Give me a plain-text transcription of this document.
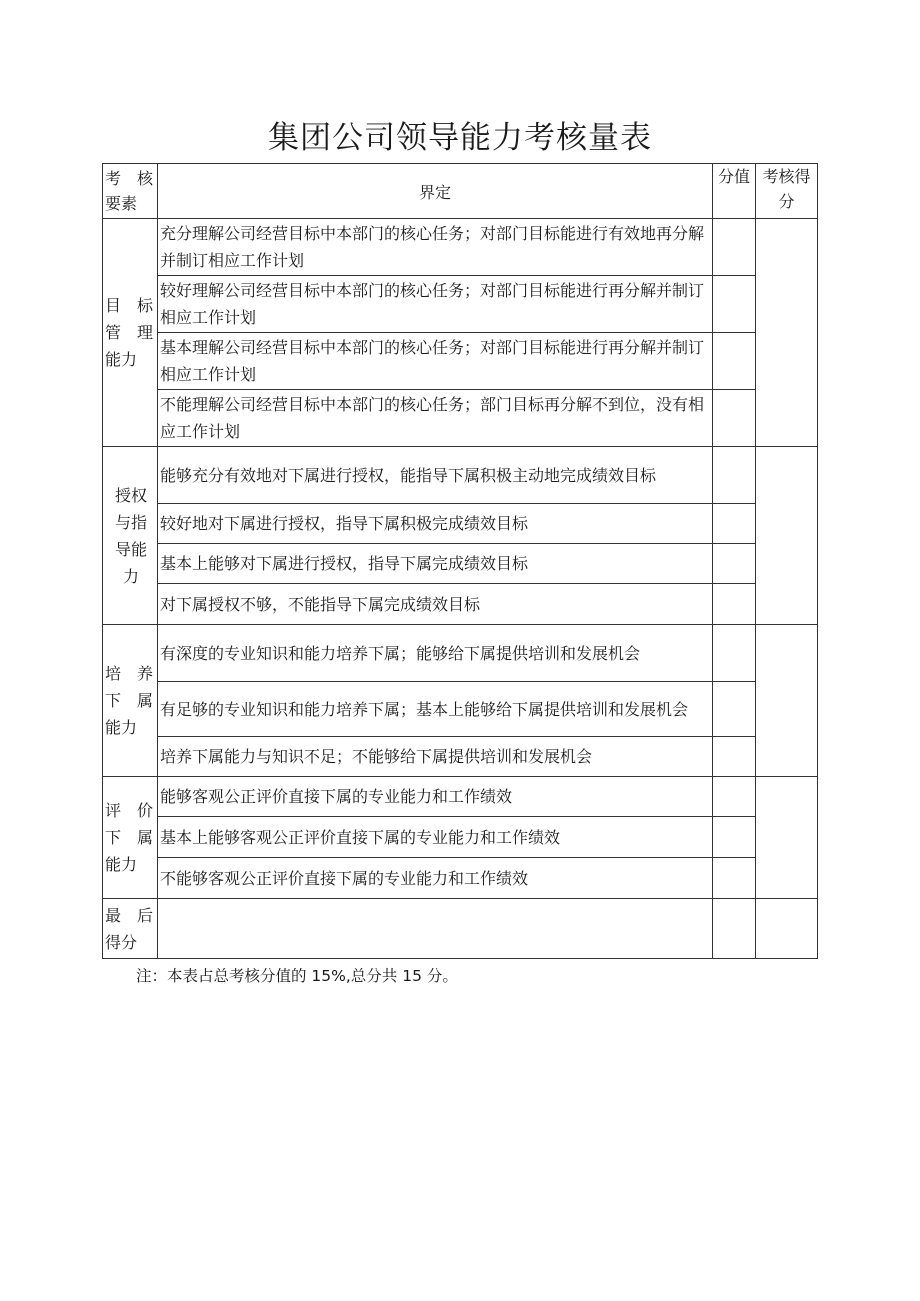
集团公司领导能力考核量表
考　核
要素	界定	分值	考核得
分
目　标
管　理
能力	充分理解公司经营目标中本部门的核心任务；对部门目标能进行有效地再分解并制订相应工作计划		
	较好理解公司经营目标中本部门的核心任务；对部门目标能进行再分解并制订相应工作计划		
	基本理解公司经营目标中本部门的核心任务；对部门目标能进行再分解并制订相应工作计划		
	不能理解公司经营目标中本部门的核心任务；部门目标再分解不到位，没有相应工作计划		
授权
与指
导能
力	能够充分有效地对下属进行授权，能指导下属积极主动地完成绩效目标		
	较好地对下属进行授权，指导下属积极完成绩效目标		
	基本上能够对下属进行授权，指导下属完成绩效目标		
	对下属授权不够，不能指导下属完成绩效目标		
培　养
下　属
能力	有深度的专业知识和能力培养下属；能够给下属提供培训和发展机会		
	有足够的专业知识和能力培养下属；基本上能够给下属提供培训和发展机会		
	培养下属能力与知识不足；不能够给下属提供培训和发展机会		
评　价
下　属
能力	能够客观公正评价直接下属的专业能力和工作绩效		
	基本上能够客观公正评价直接下属的专业能力和工作绩效		
	不能够客观公正评价直接下属的专业能力和工作绩效		
最　后
得分			
注：本表占总考核分值的 15%,总分共 15 分。
